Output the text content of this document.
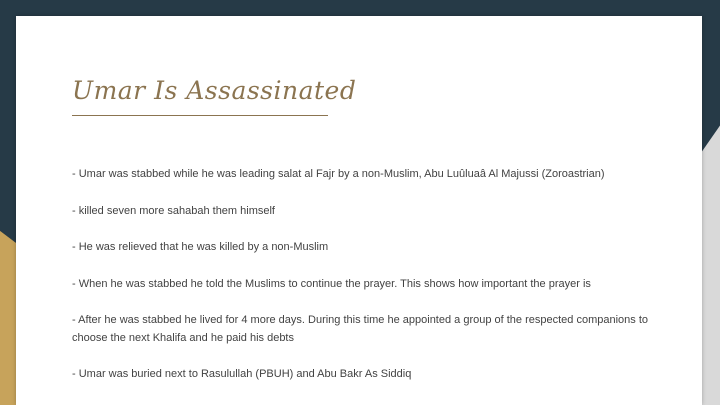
Umar Is Assassinated

- Umar was stabbed while he was leading salat al Fajr by a non-Muslim, Abu Luûluaâ Al Majussi (Zoroastrian)

- killed seven more sahabah them himself

- He was relieved that he was killed by a non-Muslim

- When he was stabbed he told the Muslims to continue the prayer. This shows how important the prayer is

- After he was stabbed he lived for 4 more days. During this time he appointed a group of the respected companions to choose the next Khalifa and he paid his debts

- Umar was buried next to Rasulullah (PBUH) and Abu Bakr As Siddiq
